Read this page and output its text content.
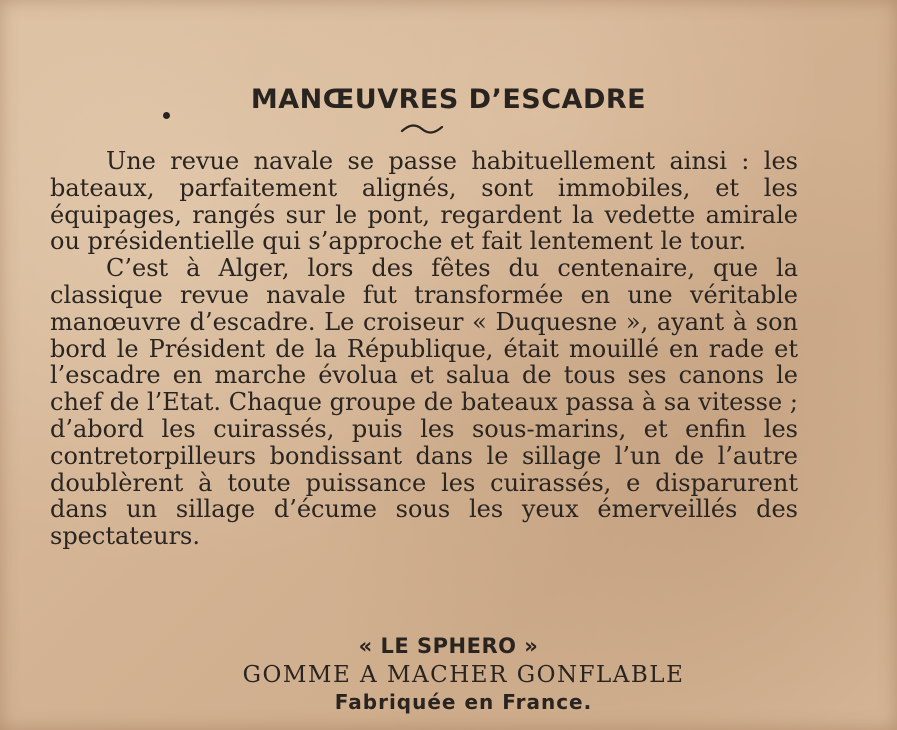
MANŒUVRES D’ESCADRE

Une revue navale se passe habituellement ainsi : les bateaux, parfaitement alignés, sont immobiles, et les équipages, rangés sur le pont, regardent la vedette amirale ou présidentielle qui s’approche et fait lentement le tour.

C’est à Alger, lors des fêtes du centenaire, que la classique revue navale fut transformée en une véritable manœuvre d’escadre. Le croiseur « Duquesne », ayant à son bord le Président de la République, était mouillé en rade et l’escadre en marche évolua et salua de tous ses canons le chef de l’Etat. Chaque groupe de bateaux passa à sa vitesse ; d’abord les cuirassés, puis les sous-marins, et enfin les contretorpilleurs bondissant dans le sillage l’un de l’autre doublèrent à toute puissance les cuirassés, e disparurent dans un sillage d’écume sous les yeux émerveillés des spectateurs.

« LE SPHERO »

GOMME A MACHER GONFLABLE

Fabriquée en France.
